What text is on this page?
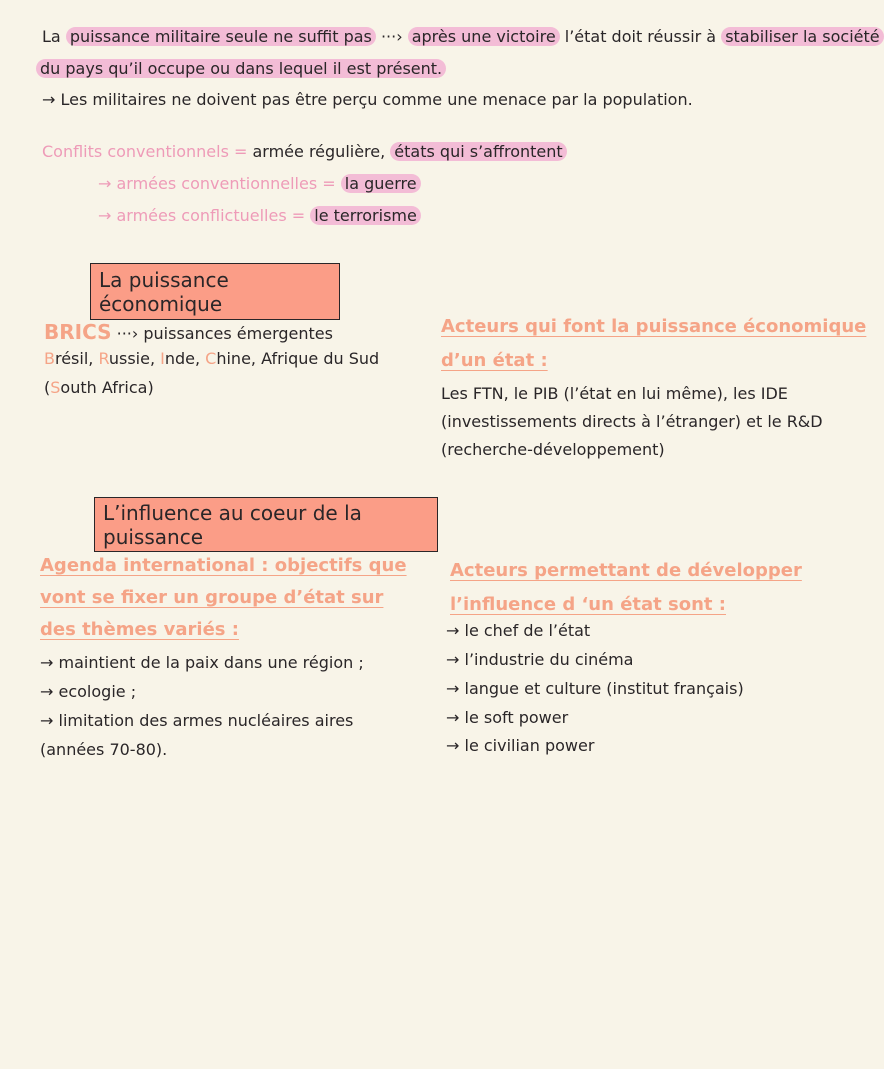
La puissance militaire seule ne suffit pas ···› après une victoire l’état doit réussir à stabiliser la société
du pays qu’il occupe ou dans lequel il est présent.
→ Les militaires ne doivent pas être perçu comme une menace par la population.
Conflits conventionnels = armée régulière, états qui s’affrontent
→ armées conventionnelles = la guerre
→ armées conflictuelles = le terrorisme
La puissance économique
BRICS ···› puissances émergentes
Brésil, Russie, Inde, Chine, Afrique du Sud
(South Africa)
Acteurs qui font la puissance économique
d’un état :
Les FTN, le PIB (l’état en lui même), les IDE
(investissements directs à l’étranger) et le R&D
(recherche-développement)
L’influence au coeur de la puissance
Agenda international : objectifs que
vont se fixer un groupe d’état sur
des thèmes variés :
→ maintient de la paix dans une région ;
→ ecologie ;
→ limitation des armes nucléaires aires
(années 70-80).
Acteurs permettant de développer
l’influence d ‘un état sont :
→ le chef de l’état
→ l’industrie du cinéma
→ langue et culture (institut français)
→ le soft power
→ le civilian power
